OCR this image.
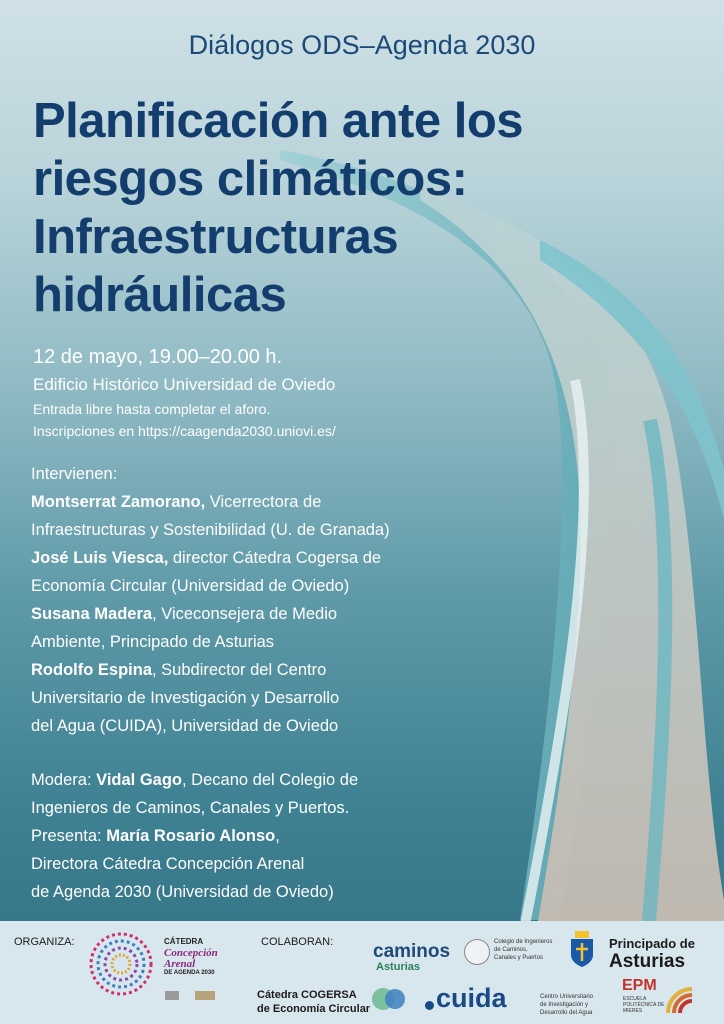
Diálogos ODS–Agenda 2030
Planificación ante los
riesgos climáticos:
Infraestructuras
hidráulicas
12 de mayo, 19.00–20.00 h.
Edificio Histórico Universidad de Oviedo
Entrada libre hasta completar el aforo.
Inscripciones en https://caagenda2030.uniovi.es/
Intervienen:
Montserrat Zamorano, Vicerrectora de
Infraestructuras y Sostenibilidad (U. de Granada)
José Luis Viesca, director Cátedra Cogersa de
Economía Circular (Universidad de Oviedo)
Susana Madera, Viceconsejera de Medio
Ambiente, Principado de Asturias
Rodolfo Espina, Subdirector del Centro
Universitario de Investigación y Desarrollo
del Agua (CUIDA), Universidad de Oviedo
Modera: Vidal Gago, Decano del Colegio de
Ingenieros de Caminos, Canales y Puertos.
Presenta: María Rosario Alonso,
Directora Cátedra Concepción Arenal
de Agenda 2030 (Universidad de Oviedo)
ORGANIZA:	CÁTEDRA
Concepción
Arenal
DE AGENDA 2030
COLABORAN: caminos
Asturias
Colegio de Ingenieros
de Caminos,
Canales y Puertos
Principado de
Asturias
Cátedra COGERSA
de Economía Circular cuida	Centro Universitario
de Investigación y
Desarrollo del Agua
EPM
ESCUELA
POLITÉCNICA DE
MIERES
